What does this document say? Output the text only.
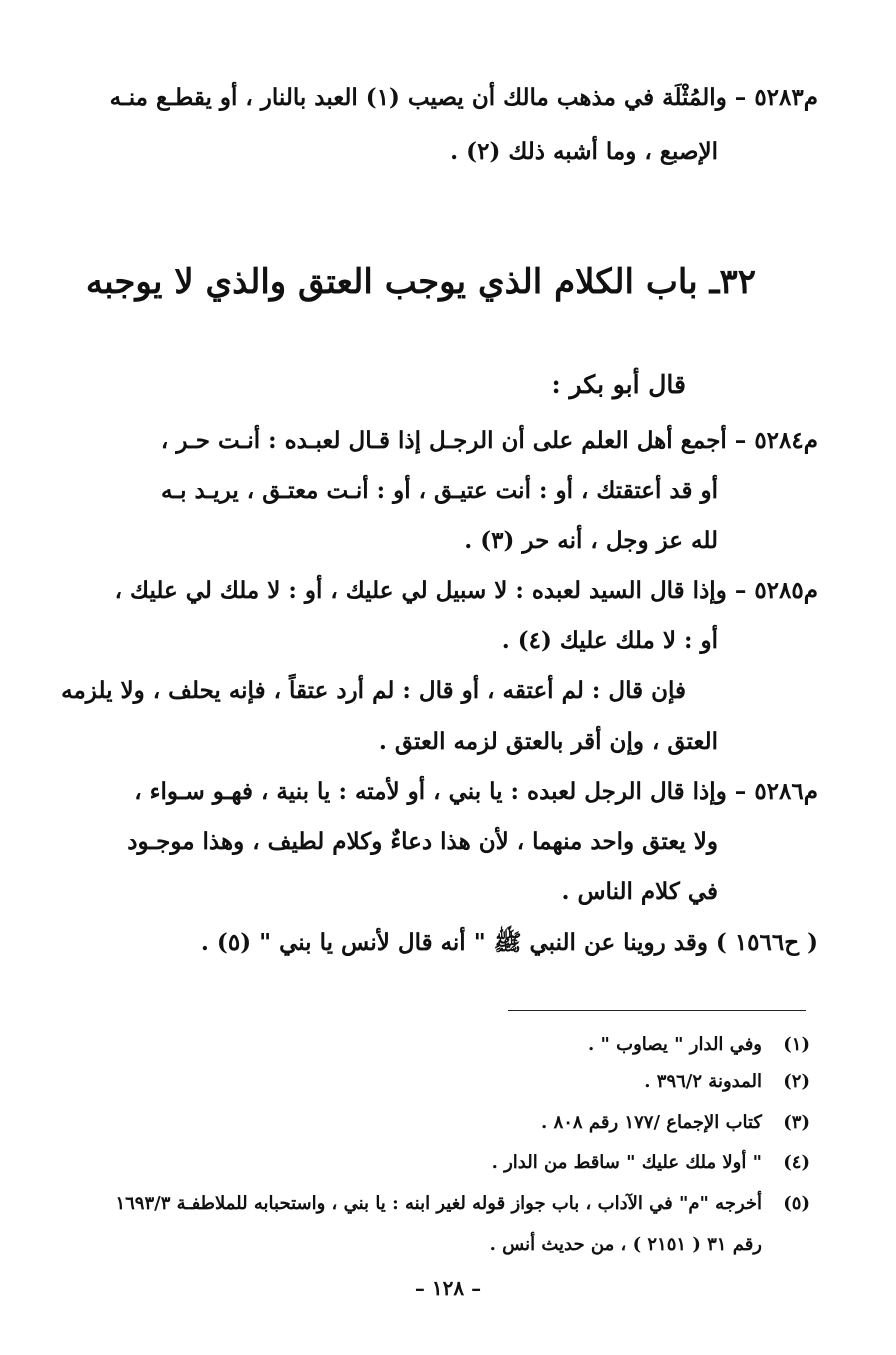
م٥٢٨٣ – والمُثْلَة في مذهب مالك أن يصيب (١) العبد بالنار ، أو يقطـع منـه
الإصبع ، وما أشبه ذلك (٢) .
٣٢ـ باب الكلام الذي يوجب العتق والذي لا يوجبه
قال أبو بكر :
م٥٢٨٤ – أجمع أهل العلم على أن الرجـل إذا قـال لعبـده : أنـت حـر ،
أو قد أعتقتك ، أو : أنت عتيـق ، أو : أنـت معتـق ، يريـد بـه
لله عز وجل ، أنه حر (٣) .
م٥٢٨٥ – وإذا قال السيد لعبده : لا سبيل لي عليك ، أو : لا ملك لي عليك ،
أو : لا ملك عليك (٤) .
فإن قال : لم أعتقه ، أو قال : لم أرد عتقاً ، فإنه يحلف ، ولا يلزمه
العتق ، وإن أقر بالعتق لزمه العتق .
م٥٢٨٦ – وإذا قال الرجل لعبده : يا بني ، أو لأمته : يا بنية ، فهـو سـواء ،
ولا يعتق واحد منهما ، لأن هذا دعاءٌ وكلام لطيف ، وهذا موجـود
في كلام الناس .
( ح١٥٦٦ ) وقد روينا عن النبي ﷺ " أنه قال لأنس يا بني " (٥) .
(١)وفي الدار " يصاوب " .
(٢)المدونة ٣٩٦/٢ .
(٣)كتاب الإجماع /١٧٧ رقم ٨٠٨ .
(٤)" أولا ملك عليك " ساقط من الدار .
(٥)أخرجه "م" في الآداب ، باب جواز قوله لغير ابنه : يا بني ، واستحبابه للملاطفـة ١٦٩٣/٣
رقم ٣١ ( ٢١٥١ ) ، من حديث أنس .
– ١٢٨ –
